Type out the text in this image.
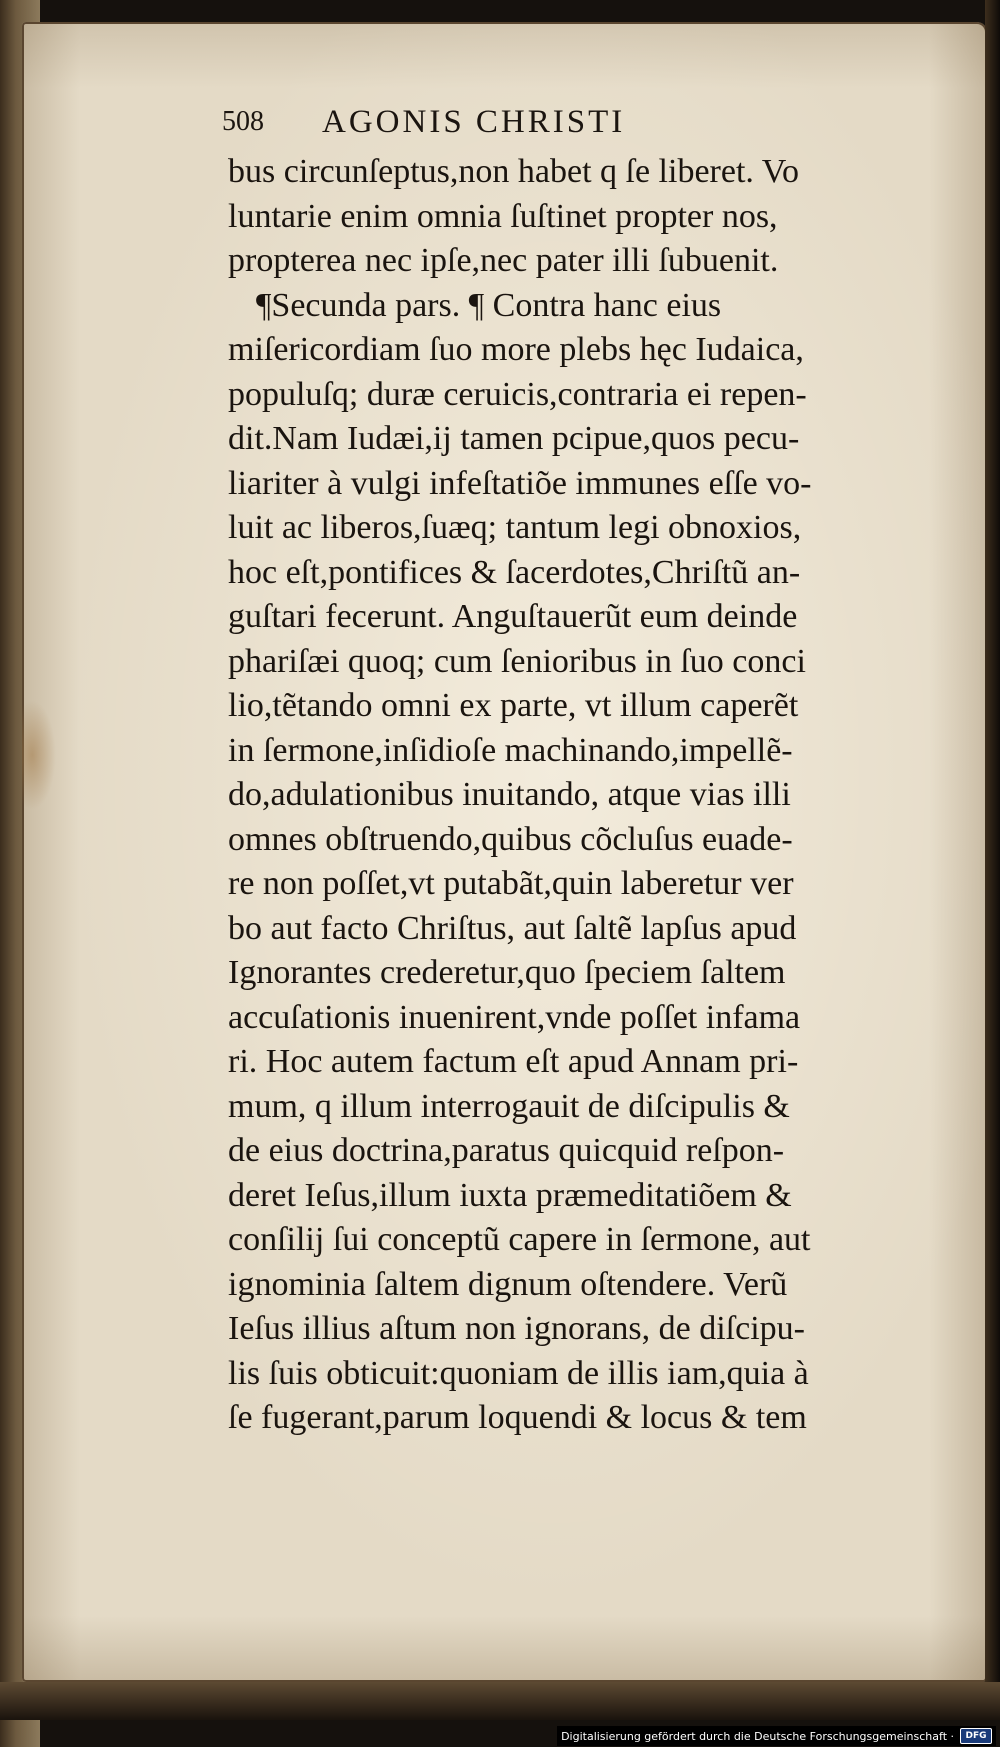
508 AGONIS CHRISTI
bus circunſeptus,non habet q ſe liberet. Vo
luntarie enim omnia ſuſtinet propter nos,
propterea nec ipſe,nec pater illi ſubuenit.
¶Secunda pars. ¶ Contra hanc eius
miſericordiam ſuo more plebs hęc Iudaica,
populuſq; duræ ceruicis,contraria ei repen‑
dit.Nam Iudæi,ij tamen pcipue,quos pecu‑
liariter à vulgi infeſtatiõe immunes eſſe vo‑
luit ac liberos,ſuæq; tantum legi obnoxios,
hoc eſt,pontifices & ſacerdotes,Chriſtũ an‑
guſtari fecerunt. Anguſtauerũt eum deinde
phariſæi quoq; cum ſenioribus in ſuo conci
lio,tẽtando omni ex parte, vt illum caperẽt
in ſermone,inſidioſe machinando,impellẽ‑
do,adulationibus inuitando, atque vias illi
omnes obſtruendo,quibus cõcluſus euade‑
re non poſſet,vt putabãt,quin laberetur ver
bo aut facto Chriſtus, aut ſaltẽ lapſus apud
Ignorantes crederetur,quo ſpeciem ſaltem
accuſationis inuenirent,vnde poſſet infama
ri. Hoc autem factum eſt apud Annam pri‑
mum, q illum interrogauit de diſcipulis &
de eius doctrina,paratus quicquid reſpon‑
deret Ieſus,illum iuxta præmeditatiõem &
conſilij ſui conceptũ capere in ſermone, aut
ignominia ſaltem dignum oſtendere. Verũ
Ieſus illius aſtum non ignorans, de diſcipu‑
lis ſuis obticuit:quoniam de illis iam,quia à
ſe fugerant,parum loquendi & locus & tem
Digitalisierung gefördert durch die Deutsche Forschungsgemeinschaft ·	DFG
